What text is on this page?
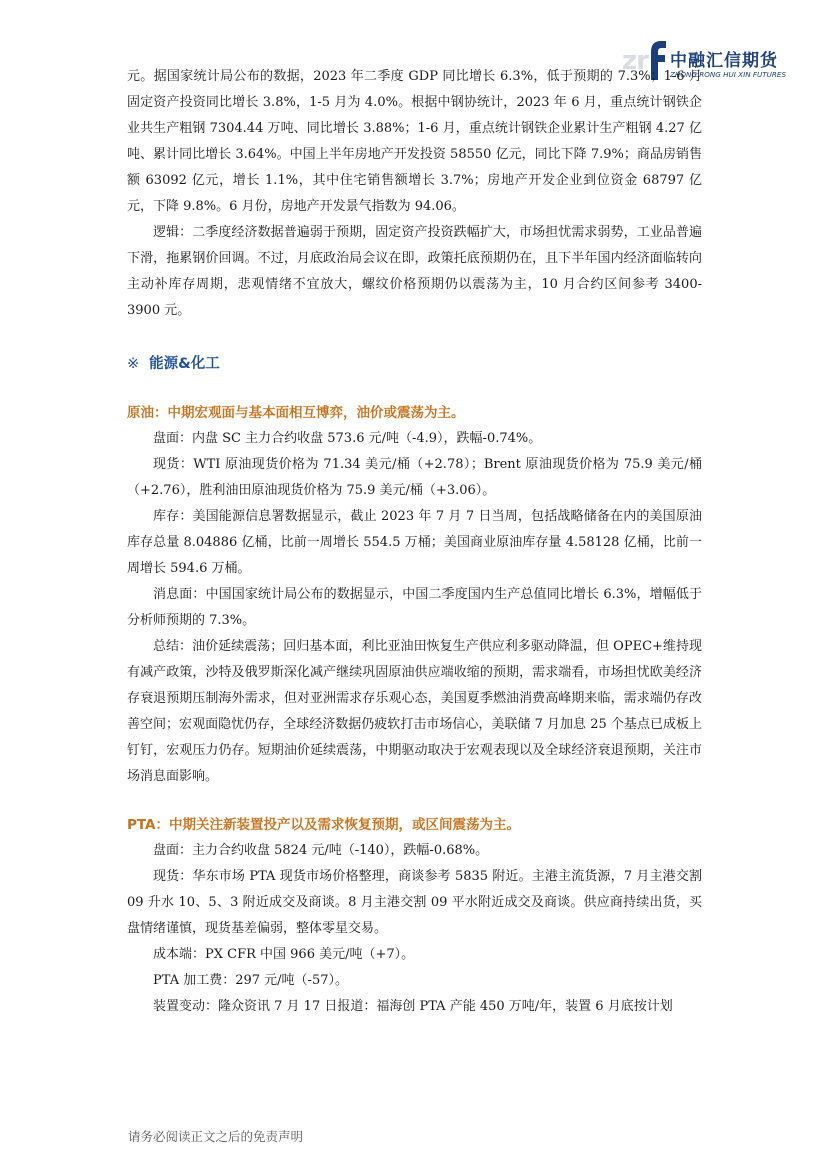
zr 中融汇信期货
ZHONG RONG HUI XIN FUTURES

元。据国家统计局公布的数据，2023 年二季度 GDP 同比增长 6.3%，低于预期的 7.3%；1-6 月固定资产投资同比增长 3.8%，1-5 月为 4.0%。根据中钢协统计，2023 年 6 月，重点统计钢铁企业共生产粗钢 7304.44 万吨、同比增长 3.88%；1-6 月，重点统计钢铁企业累计生产粗钢 4.27 亿吨、累计同比增长 3.64%。中国上半年房地产开发投资 58550 亿元，同比下降 7.9%；商品房销售额 63092 亿元，增长 1.1%，其中住宅销售额增长 3.7%；房地产开发企业到位资金 68797 亿元，下降 9.8%。6 月份，房地产开发景气指数为 94.06。

逻辑：二季度经济数据普遍弱于预期，固定资产投资跌幅扩大，市场担忧需求弱势，工业品普遍下滑，拖累钢价回调。不过，月底政治局会议在即，政策托底预期仍在，且下半年国内经济面临转向主动补库存周期，悲观情绪不宜放大，螺纹价格预期仍以震荡为主，10 月合约区间参考 3400-3900 元。

※ 能源&化工
原油：中期宏观面与基本面相互博弈，油价或震荡为主。

盘面：内盘 SC 主力合约收盘 573.6 元/吨（-4.9），跌幅-0.74%。

现货：WTI 原油现货价格为 71.34 美元/桶（+2.78）；Brent 原油现货价格为 75.9 美元/桶（+2.76），胜利油田原油现货价格为 75.9 美元/桶（+3.06）。

库存：美国能源信息署数据显示，截止 2023 年 7 月 7 日当周，包括战略储备在内的美国原油库存总量 8.04886 亿桶，比前一周增长 554.5 万桶；美国商业原油库存量 4.58128 亿桶，比前一周增长 594.6 万桶。

消息面：中国国家统计局公布的数据显示，中国二季度国内生产总值同比增长 6.3%，增幅低于分析师预期的 7.3%。

总结：油价延续震荡；回归基本面，利比亚油田恢复生产供应利多驱动降温，但 OPEC+维持现有减产政策，沙特及俄罗斯深化减产继续巩固原油供应端收缩的预期，需求端看，市场担忧欧美经济存衰退预期压制海外需求，但对亚洲需求存乐观心态，美国夏季燃油消费高峰期来临，需求端仍存改善空间；宏观面隐忧仍存，全球经济数据仍疲软打击市场信心，美联储 7 月加息 25 个基点已成板上钉钉，宏观压力仍存。短期油价延续震荡，中期驱动取决于宏观表现以及全球经济衰退预期，关注市场消息面影响。

PTA：中期关注新装置投产以及需求恢复预期，或区间震荡为主。

盘面：主力合约收盘 5824 元/吨（-140），跌幅-0.68%。

现货：华东市场 PTA 现货市场价格整理，商谈参考 5835 附近。主港主流货源，7 月主港交割 09 升水 10、5、3 附近成交及商谈。8 月主港交割 09 平水附近成交及商谈。供应商持续出货，买盘情绪谨慎，现货基差偏弱，整体零星交易。

成本端：PX CFR 中国 966 美元/吨（+7）。

PTA 加工费：297 元/吨（-57）。

装置变动：隆众资讯 7 月 17 日报道：福海创 PTA 产能 450 万吨/年，装置 6 月底按计划

请务必阅读正文之后的免责声明
